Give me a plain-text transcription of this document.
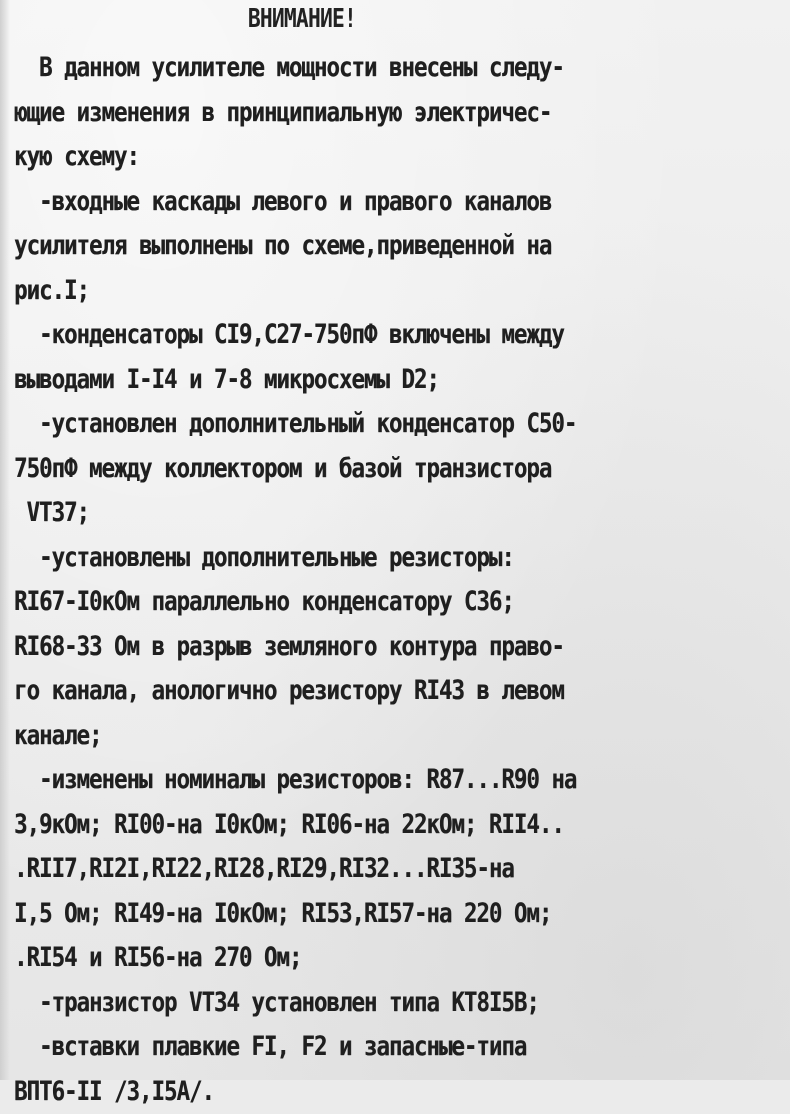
ВНИМАНИЕ!
В данном усилителе мощности внесены следу-
ющие изменения в принципиальную электричес-
кую схему:
-входные каскады левого и правого каналов
усилителя выполнены по схеме,приведенной на
рис.I;
-конденсаторы СI9,С27-750пФ включены между
выводами I-I4 и 7-8 микросхемы D2;
-установлен дополнительный конденсатор С50-
750пФ между коллектором и базой транзистора
VТ37;
-установлены дополнительные резисторы:
RI67-I0кОм параллельно конденсатору С36;
RI68-33 Ом в разрыв земляного контура право-
го канала, анологично резистору RI43 в левом
канале;
-изменены номиналы резисторов: R87...R90 на
3,9кОм; RI00-на I0кОм; RI06-на 22кОм; RII4..
.RII7,RI2I,RI22,RI28,RI29,RI32...RI35-на
I,5 Ом; RI49-на I0кОм; RI53,RI57-на 220 Ом;
.RI54 и RI56-на 270 Ом;
-транзистор VТ34 установлен типа КТ8I5В;
-вставки плавкие FI, F2 и запасные-типа
ВПТ6-II /3,I5А/.
